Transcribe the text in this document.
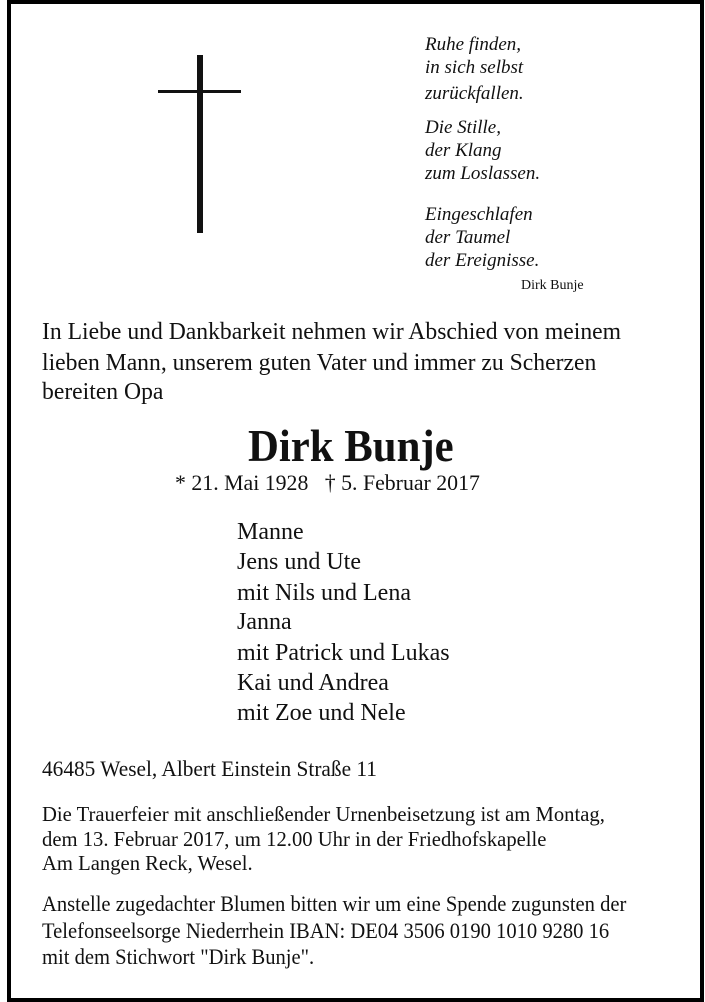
Ruhe finden,
in sich selbst
zurückfallen.
Die Stille,
der Klang
zum Loslassen.
Eingeschlafen
der Taumel
der Ereignisse.
Dirk Bunje
In Liebe und Dankbarkeit nehmen wir Abschied von meinem
lieben Mann, unserem guten Vater und immer zu Scherzen
bereiten Opa
Dirk Bunje
* 21. Mai 1928 † 5. Februar 2017
Manne
Jens und Ute
mit Nils und Lena
Janna
mit Patrick und Lukas
Kai und Andrea
mit Zoe und Nele
46485 Wesel, Albert Einstein Straße 11
Die Trauerfeier mit anschließender Urnenbeisetzung ist am Montag,
dem 13. Februar 2017, um 12.00 Uhr in der Friedhofskapelle
Am Langen Reck, Wesel.
Anstelle zugedachter Blumen bitten wir um eine Spende zugunsten der
Telefonseelsorge Niederrhein IBAN: DE04 3506 0190 1010 9280 16
mit dem Stichwort "Dirk Bunje".
